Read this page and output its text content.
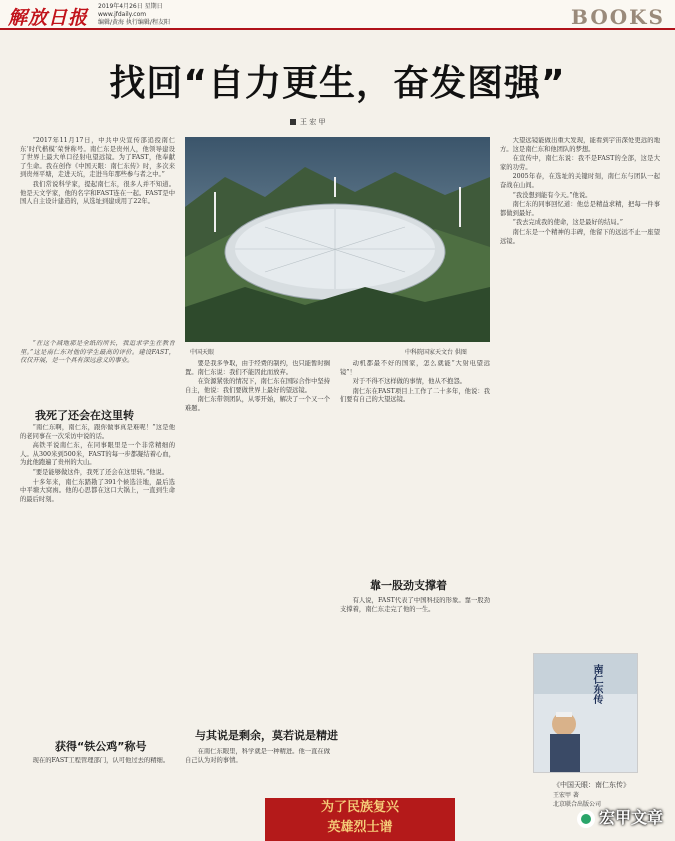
解放日报
2019年4月26日 星期日
www.jfdaily.com
编辑/黄海 执行编辑/程友阳	BOOKS
找回“自力更生，奋发图强”
王 宏 甲

“2017年11月17日，中共中央宣传部追授南仁东‘时代楷模’荣誉称号。南仁东是贵州人，他领导建设了世界上最大单口径射电望远镜。为了FAST，他奉献了生命。我在创作《中国天眼：南仁东传》时，多次来到贵州平塘，走进天坑，走进当年那些参与者之中。”

我们常说科学家，提起南仁东，很多人并不知道。他是天文学家，他的名字和FAST连在一起。FAST是中国人自主设计建造的，从选址到建成用了22年。

“在这个减地那是全纸的所长，我追求学生在教育里。”这是南仁东对他的学生最高的评价。建设FAST，仅仅开展，是一个具有深远意义的事业。

我死了还会在这里转

“南仁东啊，南仁东，跟你做事真是难呢！”这是他的老同事在一次采访中说的话。

高铁平说南仁东，在同事眼里是一个非常精细的人。从300米到500米，FAST的每一步都凝结着心血，为此他跑遍了贵州的大山。

“要是能够做这件，我死了还会在这里转。”他说。

十多年来，南仁东踏勘了391个候选洼地，最后选中平塘大窝凼。他的心思都在这口大锅上，一直到生命的最后时刻。

获得“铁公鸡”称号

现在的FAST工程管理部门，认可他过去的精细。

中国天眼	中科院国家天文台 供图

要是我多争取，由于经费的制约，也只能暂时搁置。南仁东说：我们不能因此而放弃。

在资源紧张的情况下，南仁东在国际合作中坚持自主，他说：我们要做世界上最好的望远镜。

南仁东带领团队，从零开始，解决了一个又一个难题。

与其说是剩余，莫若说是精进

在南仁东眼里，科学就是一种精进。他一直在做自己认为对的事情。

动机都最不好的国家，怎么就能“大射电望远镜”！

对于不得不这样做的事情，他从不抱怨。

南仁东在FAST项目上工作了二十多年，他说：我们要有自己的大望远镜。

靠一股劲支撑着

有人说，FAST代表了中国科技的形象。靠一股劲支撑着，南仁东走完了他的一生。

大望远镜能做出重大发现，能看到宇宙深处更远的地方。这是南仁东和他团队的梦想。

在宣传中，南仁东说：我不是FAST的全部，这是大家的功劳。

2005年春，在选址的关键时刻，南仁东与团队一起奋战在山间。

“我没想到能有今天。”他说。

南仁东的同事回忆道：他总是精益求精，把每一件事都做到最好。

“我去完成我的使命，这是最好的结局。”

南仁东是一个精神的丰碑，他留下的远远不止一座望远镜。

南仁东传
《中国天眼：南仁东传》
王宏甲 著
北京联合出版公司
为了民族复兴
英雄烈士谱
宏甲文章
